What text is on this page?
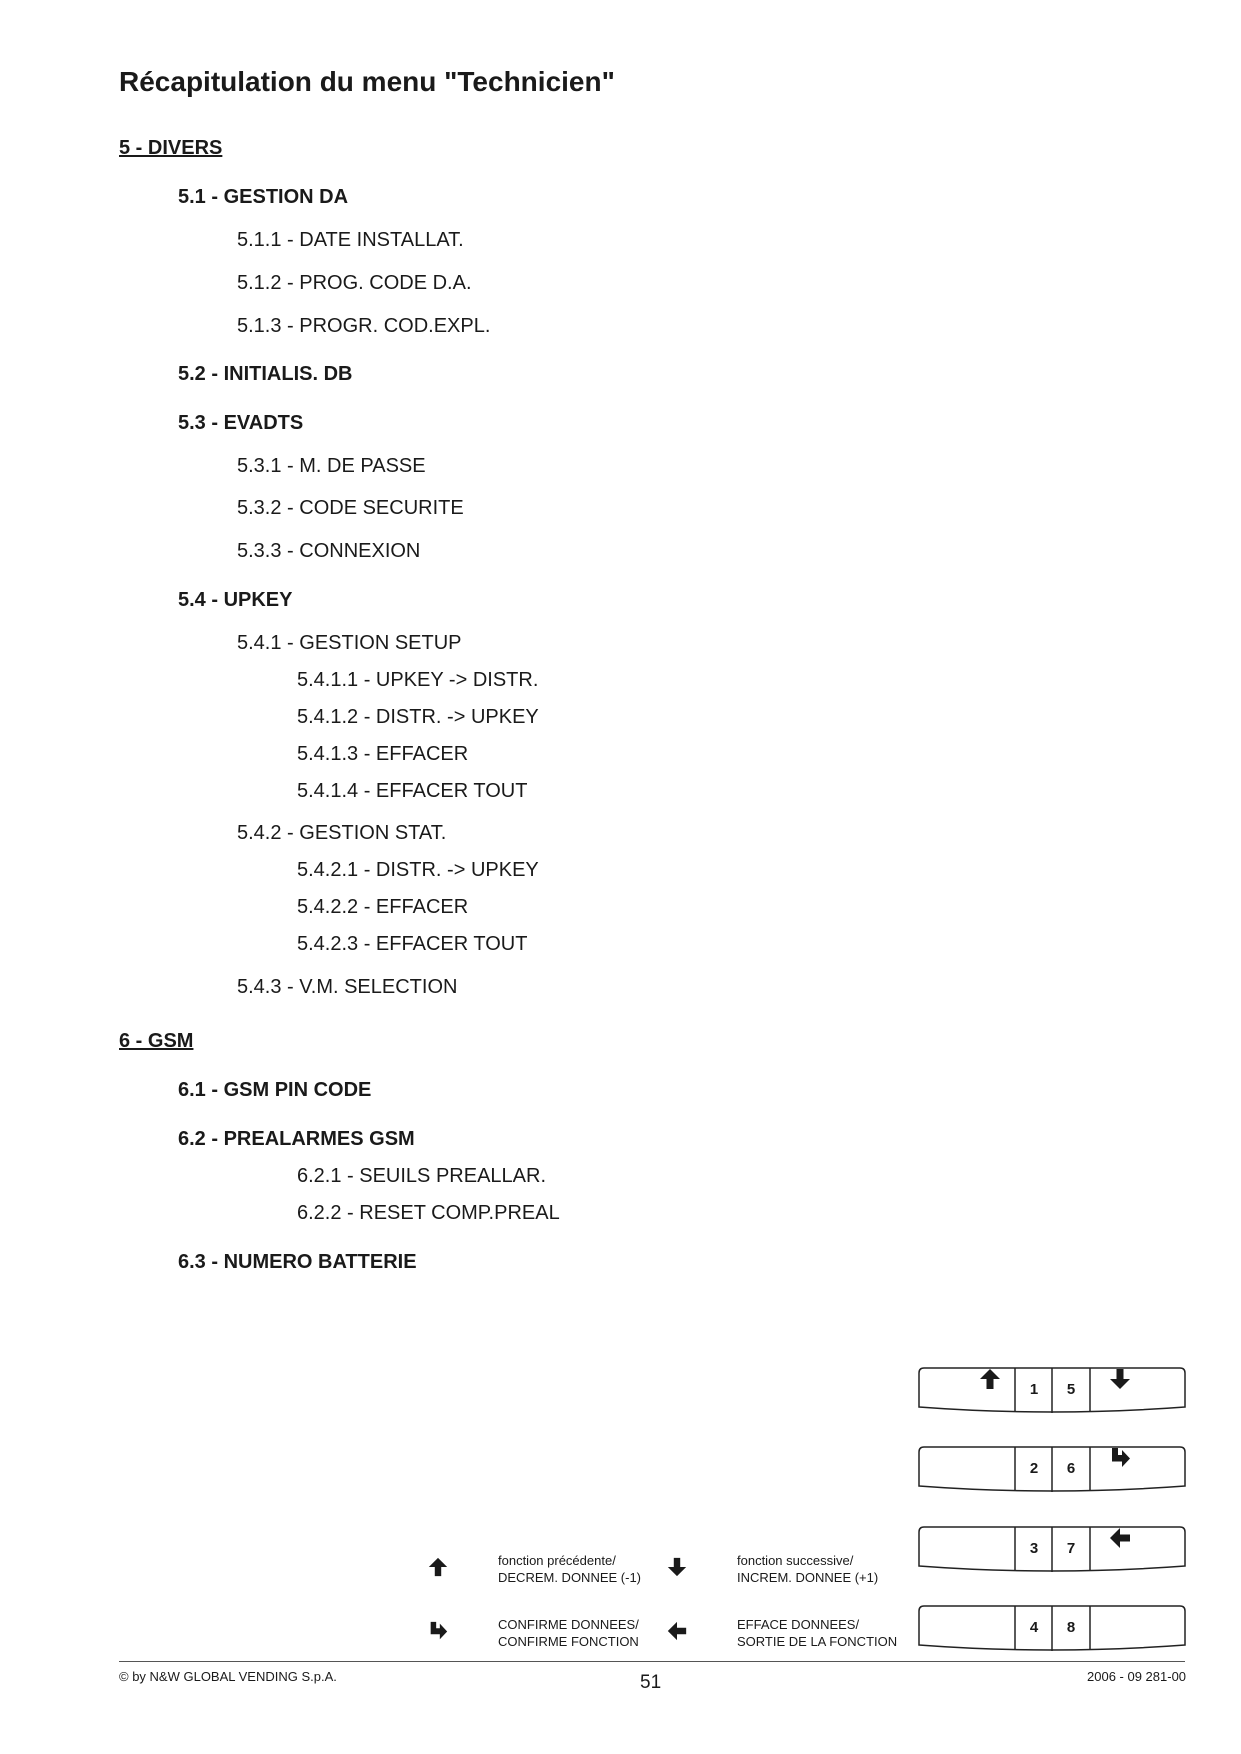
Récapitulation du menu "Technicien"
5 - DIVERS
5.1 - GESTION DA
5.1.1 - DATE INSTALLAT.
5.1.2 - PROG. CODE D.A.
5.1.3 - PROGR. COD.EXPL.
5.2 - INITIALIS. DB
5.3 - EVADTS
5.3.1 - M. DE PASSE
5.3.2 - CODE SECURITE
5.3.3 - CONNEXION
5.4 - UPKEY
5.4.1 - GESTION SETUP
5.4.1.1 - UPKEY -> DISTR.
5.4.1.2 - DISTR. -> UPKEY
5.4.1.3 - EFFACER
5.4.1.4 - EFFACER TOUT
5.4.2 - GESTION STAT.
5.4.2.1 - DISTR. -> UPKEY
5.4.2.2 - EFFACER
5.4.2.3 - EFFACER TOUT
5.4.3 - V.M. SELECTION
6 - GSM
6.1 - GSM PIN CODE
6.2 - PREALARMES GSM
6.2.1 - SEUILS PREALLAR.
6.2.2 - RESET COMP.PREAL
6.3 - NUMERO BATTERIE
1	5
2	6
3	7
4	8
fonction précédente/
DECREM. DONNEE (-1)
fonction successive/
INCREM. DONNEE (+1)
CONFIRME DONNEES/
CONFIRME FONCTION
EFFACE DONNEES/
SORTIE DE LA FONCTION
© by N&W GLOBAL VENDING S.p.A.	51	2006 - 09 281-00
